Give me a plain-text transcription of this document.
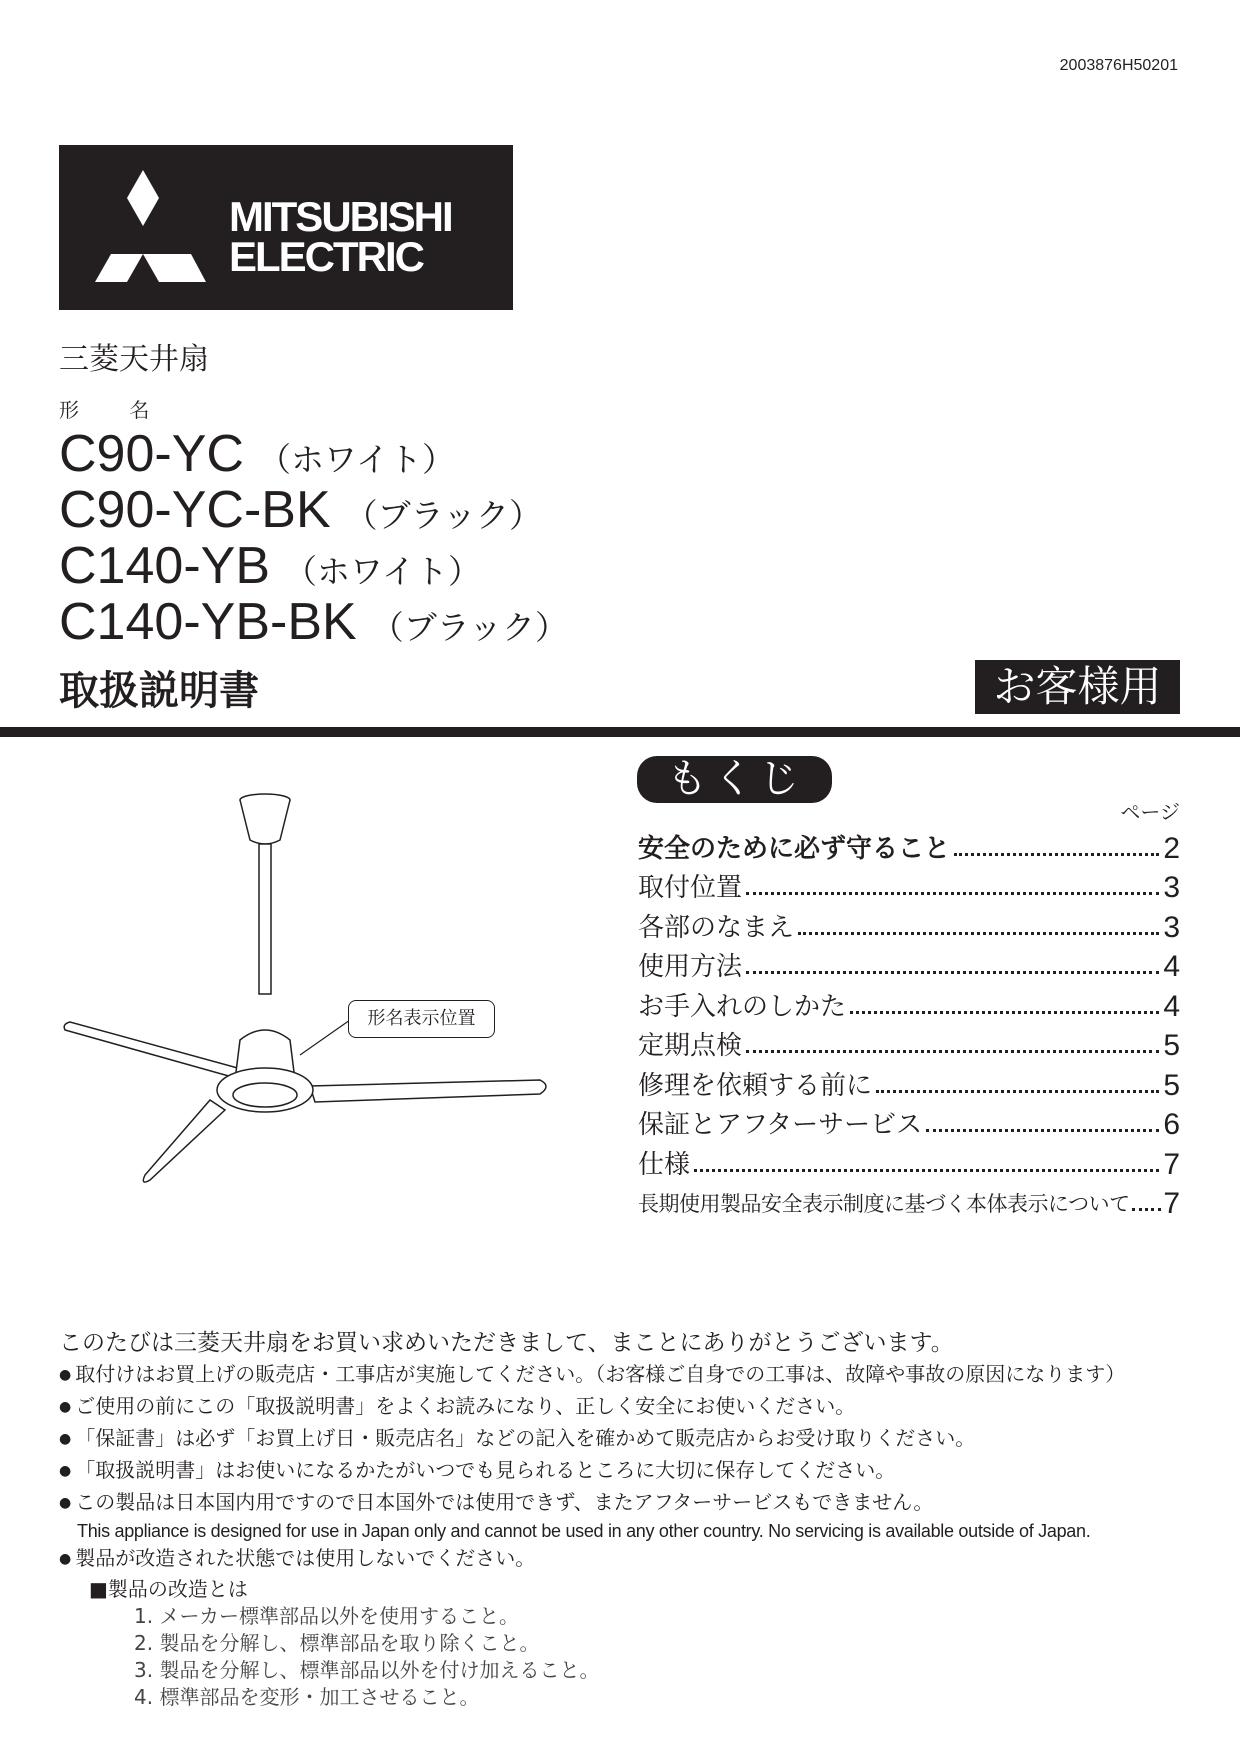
2003876H50201
MITSUBISHI
ELECTRIC
三菱天井扇
形 名
C90-YC （ホワイト）
C90-YC-BK （ブラック）
C140-YB （ホワイト）
C140-YB-BK （ブラック）
取扱説明書	お客様用
形名表示位置
もくじ
ページ
安全のために必ず守ること	2
取付位置	3
各部のなまえ	3
使用方法	4
お手入れのしかた	4
定期点検	5
修理を依頼する前に	5
保証とアフターサービス	6
仕様	7
長期使用製品安全表示制度に基づく本体表示について 7

このたびは三菱天井扇をお買い求めいただきまして、まことにありがとうございます。

● 取付けはお買上げの販売店・工事店が実施してください。（お客様ご自身での工事は、故障や事故の原因になります）

● ご使用の前にこの「取扱説明書」をよくお読みになり、正しく安全にお使いください。

● 「保証書」は必ず「お買上げ日・販売店名」などの記入を確かめて販売店からお受け取りください。

● 「取扱説明書」はお使いになるかたがいつでも見られるところに大切に保存してください。

● この製品は日本国内用ですので日本国外では使用できず、またアフターサービスもできません。

This appliance is designed for use in Japan only and cannot be used in any other country. No servicing is available outside of Japan.

● 製品が改造された状態では使用しないでください。

■製品の改造とは

1. メーカー標準部品以外を使用すること。

2. 製品を分解し、標準部品を取り除くこと。

3. 製品を分解し、標準部品以外を付け加えること。

4. 標準部品を変形・加工させること。
